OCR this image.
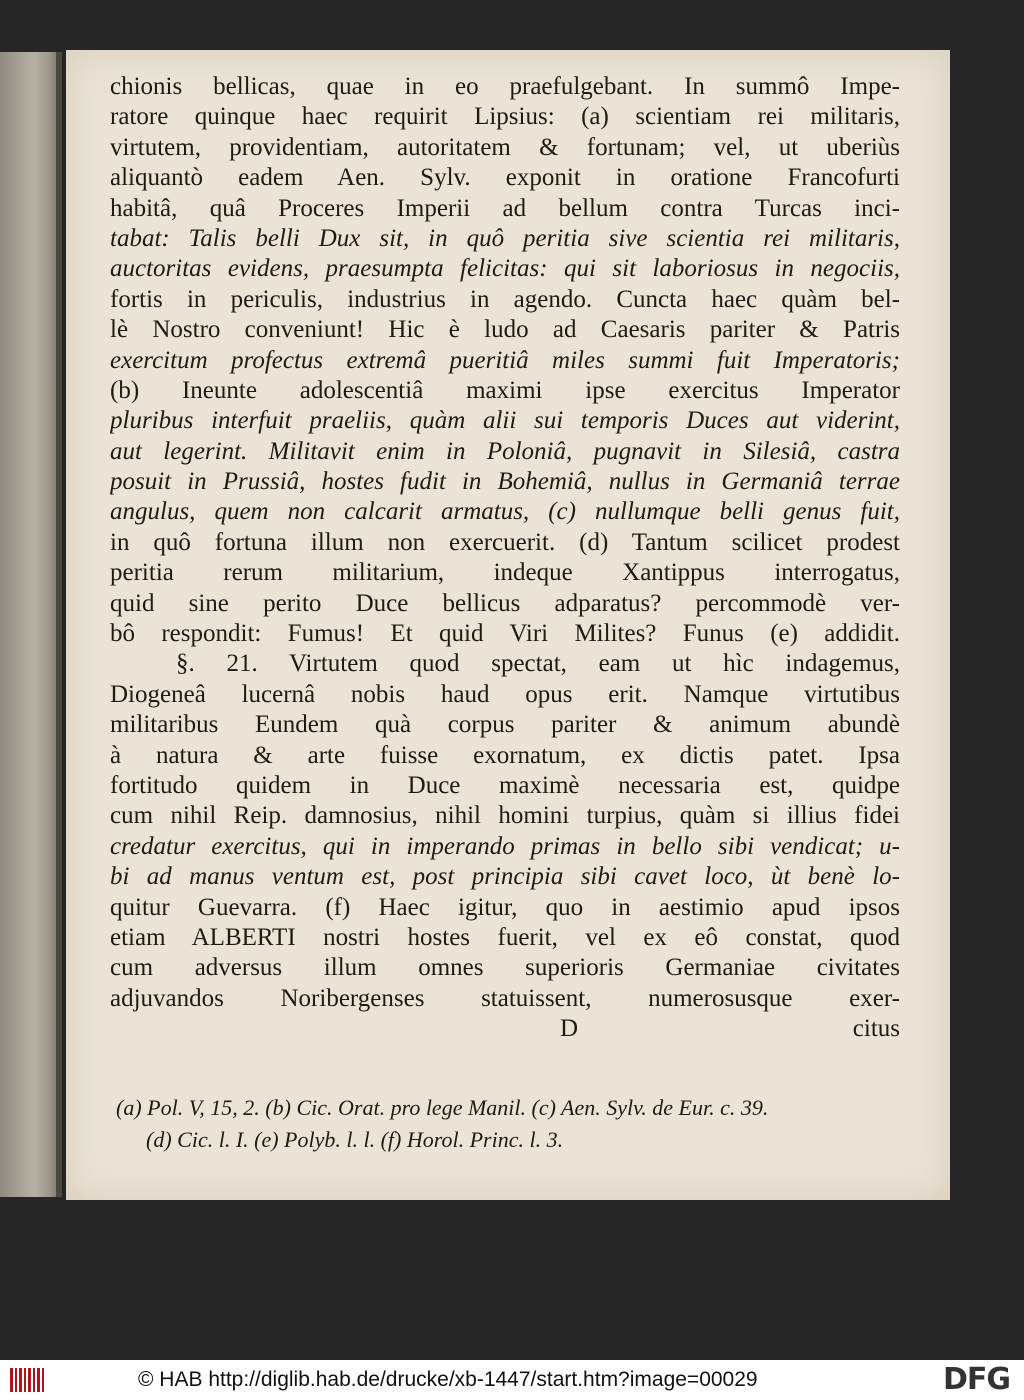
chionis bellicas, quae in eo praefulgebant. In summô Impe-
ratore quinque haec requirit Lipsius: (a) scientiam rei militaris,
virtutem, providentiam, autoritatem & fortunam; vel, ut uberiùs
aliquantò eadem Aen. Sylv. exponit in oratione Francofurti
habitâ, quâ Proceres Imperii ad bellum contra Turcas inci-
tabat: Talis belli Dux sit, in quô peritia sive scientia rei militaris,
auctoritas evidens, praesumpta felicitas: qui sit laboriosus in negociis,
fortis in periculis, industrius in agendo. Cuncta haec quàm bel-
lè Nostro conveniunt! Hic è ludo ad Caesaris pariter & Patris
exercitum profectus extremâ pueritiâ miles summi fuit Imperatoris;
(b) Ineunte adolescentiâ maximi ipse exercitus Imperator
pluribus interfuit praeliis, quàm alii sui temporis Duces aut viderint,
aut legerint. Militavit enim in Poloniâ, pugnavit in Silesiâ, castra
posuit in Prussiâ, hostes fudit in Bohemiâ, nullus in Germaniâ terrae
angulus, quem non calcarit armatus, (c) nullumque belli genus fuit,
in quô fortuna illum non exercuerit. (d) Tantum scilicet prodest
peritia rerum militarium, indeque Xantippus interrogatus,
quid sine perito Duce bellicus adparatus? percommodè ver-
bô respondit: Fumus! Et quid Viri Milites? Funus (e) addidit.
§. 21. Virtutem quod spectat, eam ut hìc indagemus,
Diogeneâ lucernâ nobis haud opus erit. Namque virtutibus
militaribus Eundem quà corpus pariter & animum abundè
à natura & arte fuisse exornatum, ex dictis patet. Ipsa
fortitudo quidem in Duce maximè necessaria est, quidpe
cum nihil Reip. damnosius, nihil homini turpius, quàm si illius fidei
credatur exercitus, qui in imperando primas in bello sibi vendicat; u-
bi ad manus ventum est, post principia sibi cavet loco, ùt benè lo-
quitur Guevarra. (f) Haec igitur, quo in aestimio apud ipsos
etiam ALBERTI nostri hostes fuerit, vel ex eô constat, quod
cum adversus illum omnes superioris Germaniae civitates
adjuvandos Noribergenses statuissent, numerosusque exer-
D	citus
(a) Pol. V, 15, 2. (b) Cic. Orat. pro lege Manil. (c) Aen. Sylv. de Eur. c. 39.
(d) Cic. l. I. (e) Polyb. l. l. (f) Horol. Princ. l. 3.
© HAB http://diglib.hab.de/drucke/xb-1447/start.htm?image=00029	DFG
